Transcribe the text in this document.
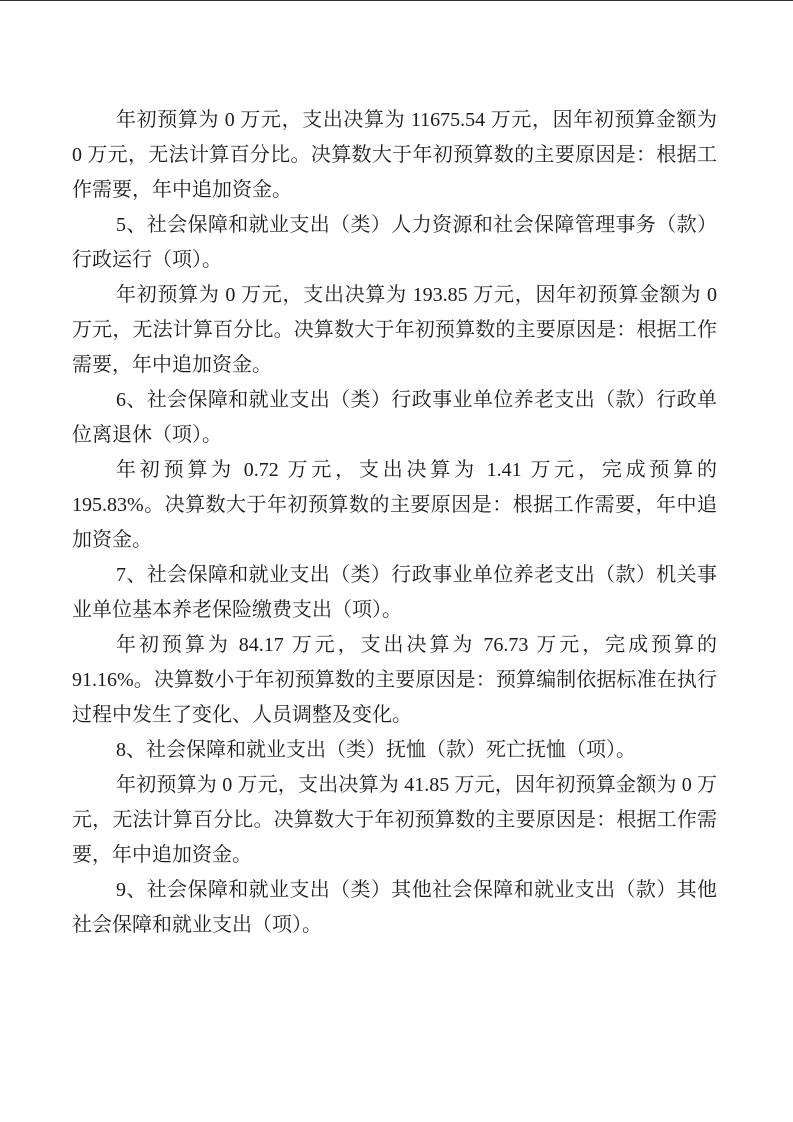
年初预算为 0 万元，支出决算为 11675.54 万元，因年初预算金额为
0 万元，无法计算百分比。决算数大于年初预算数的主要原因是：根据工
作需要，年中追加资金。
5、社会保障和就业支出（类）人力资源和社会保障管理事务（款）
行政运行（项）。
年初预算为 0 万元，支出决算为 193.85 万元，因年初预算金额为 0
万元，无法计算百分比。决算数大于年初预算数的主要原因是：根据工作
需要，年中追加资金。
6、社会保障和就业支出（类）行政事业单位养老支出（款）行政单
位离退休（项）。
年初预算为 0.72 万元，支出决算为 1.41 万元，完成预算的
195.83%。决算数大于年初预算数的主要原因是：根据工作需要，年中追
加资金。
7、社会保障和就业支出（类）行政事业单位养老支出（款）机关事
业单位基本养老保险缴费支出（项）。
年初预算为 84.17 万元，支出决算为 76.73 万元，完成预算的
91.16%。决算数小于年初预算数的主要原因是：预算编制依据标准在执行
过程中发生了变化、人员调整及变化。
8、社会保障和就业支出（类）抚恤（款）死亡抚恤（项）。
年初预算为 0 万元，支出决算为 41.85 万元，因年初预算金额为 0 万
元，无法计算百分比。决算数大于年初预算数的主要原因是：根据工作需
要，年中追加资金。
9、社会保障和就业支出（类）其他社会保障和就业支出（款）其他
社会保障和就业支出（项）。
